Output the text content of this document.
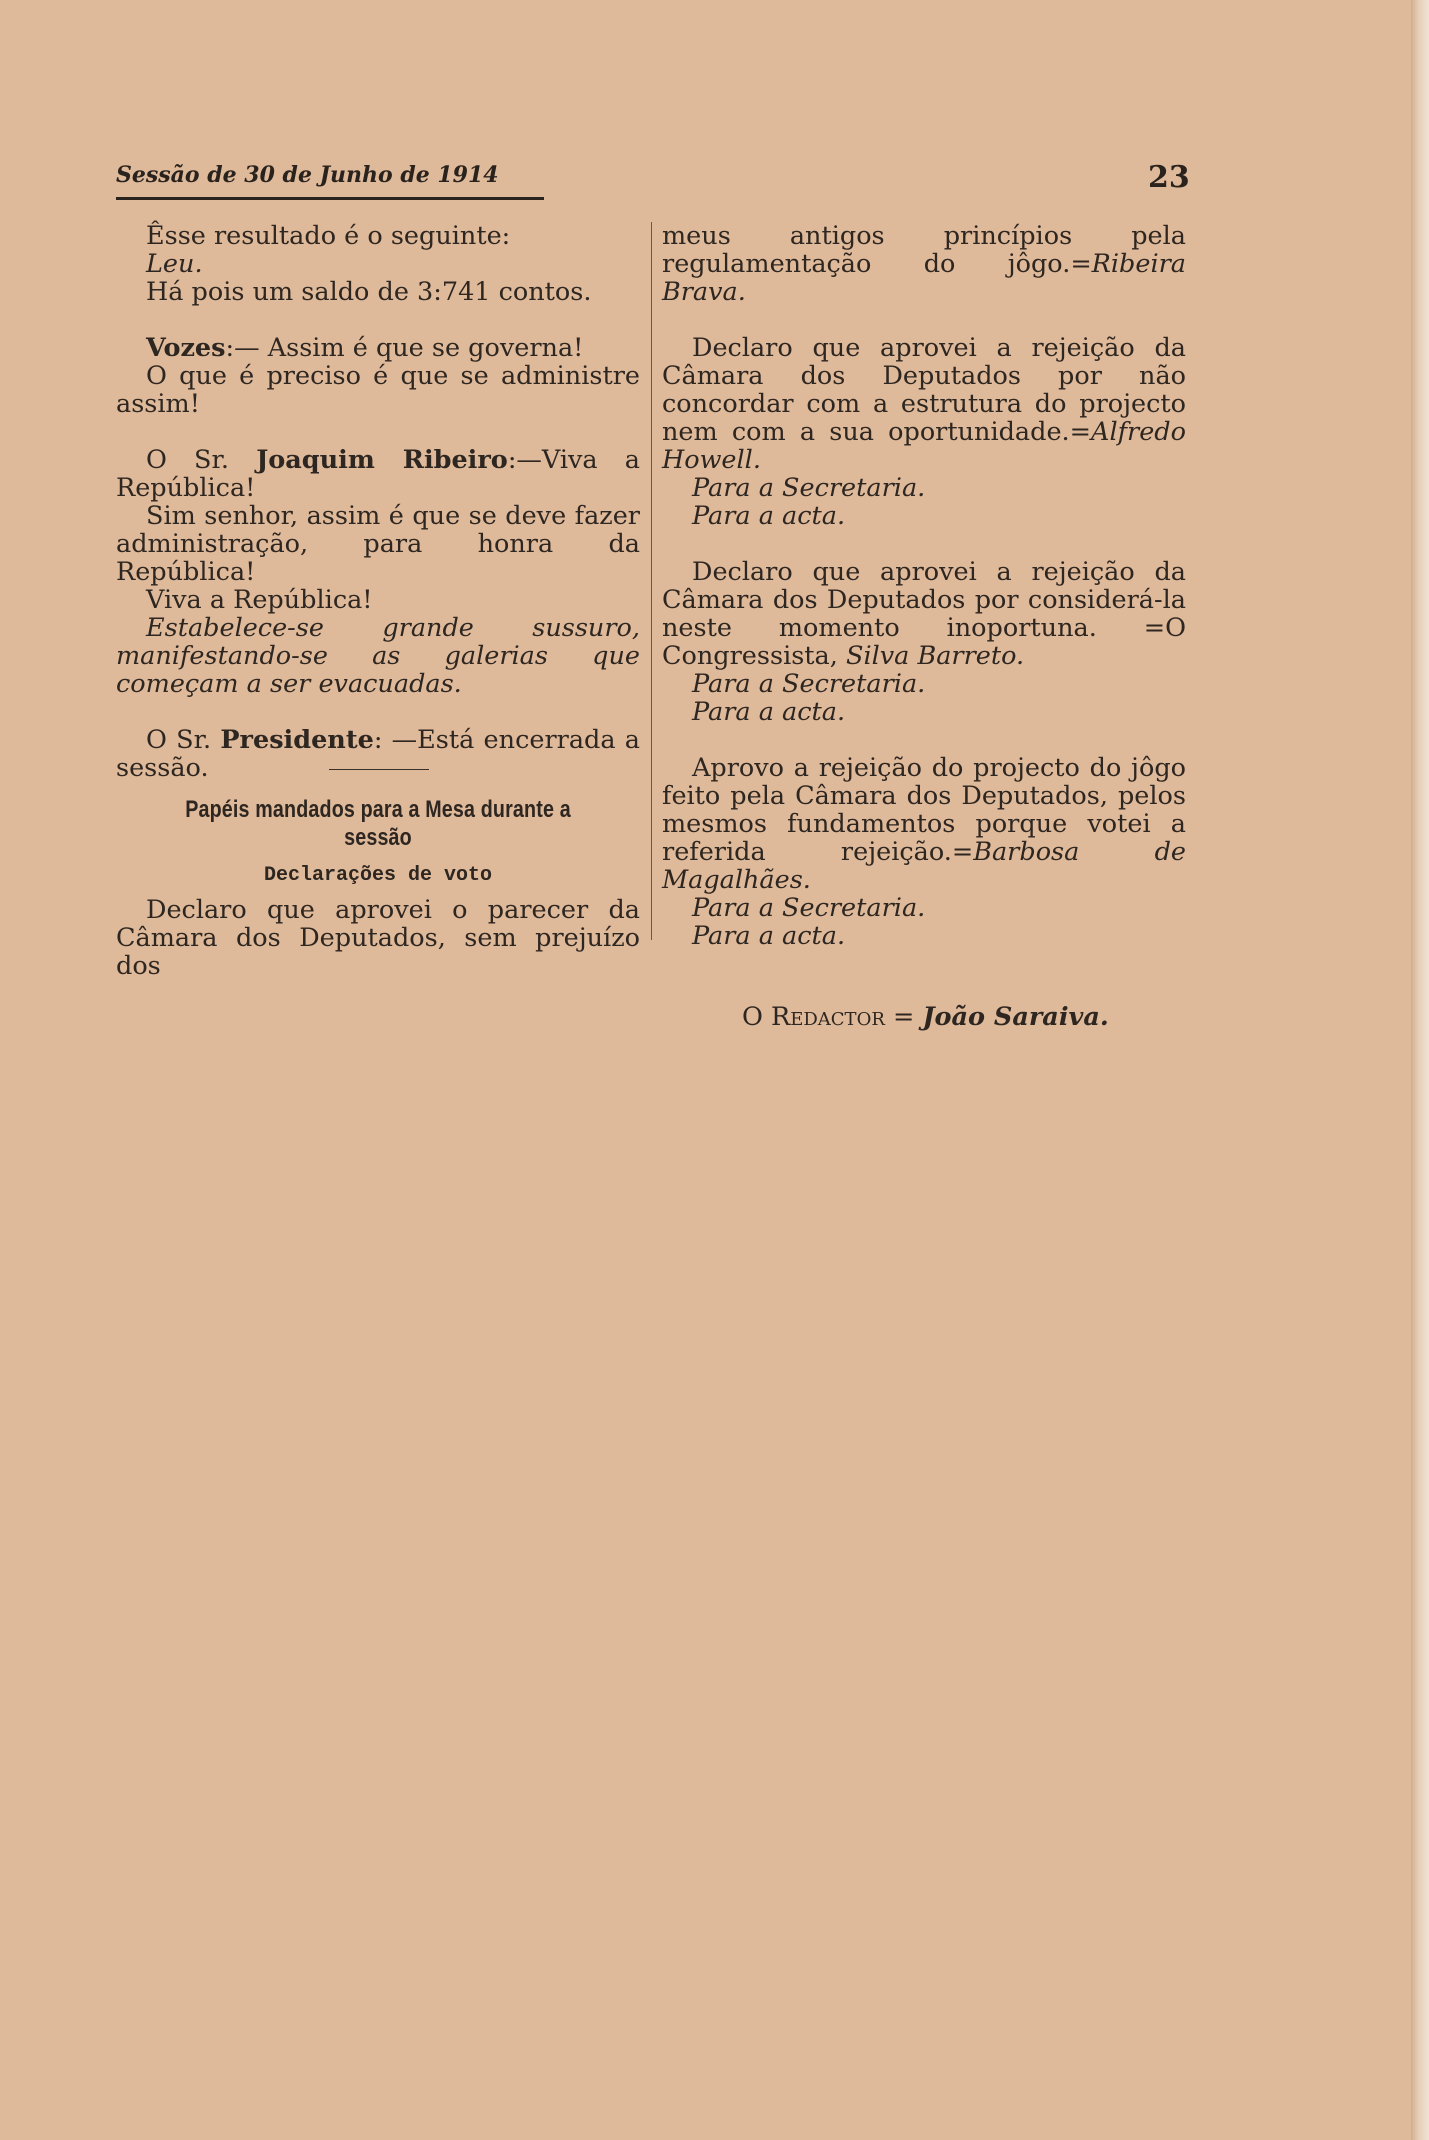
Sessão de 30 de Junho de 1914	23

Êsse resultado é o seguinte:

Leu.

Há pois um saldo de 3:741 contos.

Vozes:— Assim é que se governa!

O que é preciso é que se administre assim!

O Sr. Joaquim Ribeiro:—Viva a República!

Sim senhor, assim é que se deve fazer administração, para honra da República!

Viva a República!

Estabelece-se grande sussuro, manifestando-se as galerias que começam a ser evacuadas.

O Sr. Presidente: —Está encerrada a sessão.

Papéis mandados para a Mesa durante a sessão

Declarações de voto

Declaro que aprovei o parecer da Câmara dos Deputados, sem prejuízo dos

meus antigos princípios pela regulamentação do jôgo.=Ribeira Brava.

Declaro que aprovei a rejeição da Câmara dos Deputados por não concordar com a estrutura do projecto nem com a sua oportunidade.=Alfredo Howell.

Para a Secretaria.

Para a acta.

Declaro que aprovei a rejeição da Câmara dos Deputados por considerá-la neste momento inoportuna. =O Congressista, Silva Barreto.

Para a Secretaria.

Para a acta.

Aprovo a rejeição do projecto do jôgo feito pela Câmara dos Deputados, pelos mesmos fundamentos porque votei a referida rejeição.=Barbosa de Magalhães.

Para a Secretaria.

Para a acta.

O Redactor = João Saraiva.
